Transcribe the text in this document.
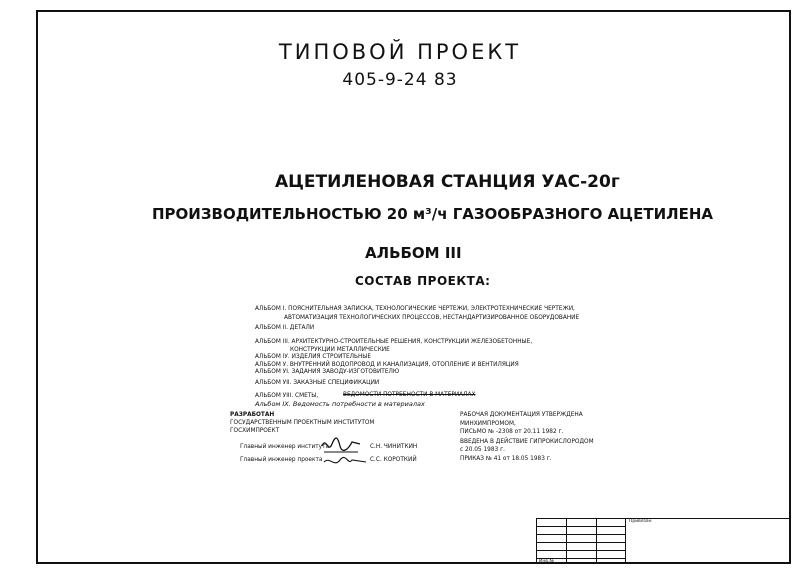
ТИПОВОЙ ПРОЕКТ
405-9-24 83
АЦЕТИЛЕНОВАЯ СТАНЦИЯ УАС-20г
ПРОИЗВОДИТЕЛЬНОСТЬЮ 20 м³/ч ГАЗООБРАЗНОГО АЦЕТИЛЕНА
АЛЬБОМ III
СОСТАВ ПРОЕКТА:
АЛЬБОМ I. ПОЯСНИТЕЛЬНАЯ ЗАПИСКА, ТЕХНОЛОГИЧЕСКИЕ ЧЕРТЕЖИ, ЭЛЕКТРОТЕХНИЧЕСКИЕ ЧЕРТЕЖИ,
АВТОМАТИЗАЦИЯ ТЕХНОЛОГИЧЕСКИХ ПРОЦЕССОВ, НЕСТАНДАРТИЗИРОВАННОЕ ОБОРУДОВАНИЕ
АЛЬБОМ II. ДЕТАЛИ
АЛЬБОМ III. АРХИТЕКТУРНО-СТРОИТЕЛЬНЫЕ РЕШЕНИЯ, КОНСТРУКЦИИ ЖЕЛЕЗОБЕТОННЫЕ,
КОНСТРУКЦИИ МЕТАЛЛИЧЕСКИЕ
АЛЬБОМ IУ. ИЗДЕЛИЯ СТРОИТЕЛЬНЫЕ
АЛЬБОМ У. ВНУТРЕННИЙ ВОДОПРОВОД И КАНАЛИЗАЦИЯ, ОТОПЛЕНИЕ И ВЕНТИЛЯЦИЯ
АЛЬБОМ УI. ЗАДАНИЯ ЗАВОДУ-ИЗГОТОВИТЕЛЮ
АЛЬБОМ УII. ЗАКАЗНЫЕ СПЕЦИФИКАЦИИ
АЛЬБОМ УIII. СМЕТЫ,	ВЕДОМОСТИ ПОТРЕБНОСТИ В МАТЕРИАЛАХ
Альбом IX. Ведомость потребности в материалах
РАЗРАБОТАН
ГОСУДАРСТВЕННЫМ ПРОЕКТНЫМ ИНСТИТУТОМ
ГОСХИМПРОЕКТ
Главный инженер института	С.Н. ЧИНИТКИН
Главный инженер проекта	С.С. КОРОТКИЙ
РАБОЧАЯ ДОКУМЕНТАЦИЯ УТВЕРЖДЕНА
МИНХИМПРОМОМ,
ПИСЬМО № -2308 от 20.11 1982 г.
ВВЕДЕНА В ДЕЙСТВИЕ ГИПРОКИСЛОРОДОМ
с 20.05 1983 г.
ПРИКАЗ № 41 от 18.05 1983 г.
Привязан
Инв.№
